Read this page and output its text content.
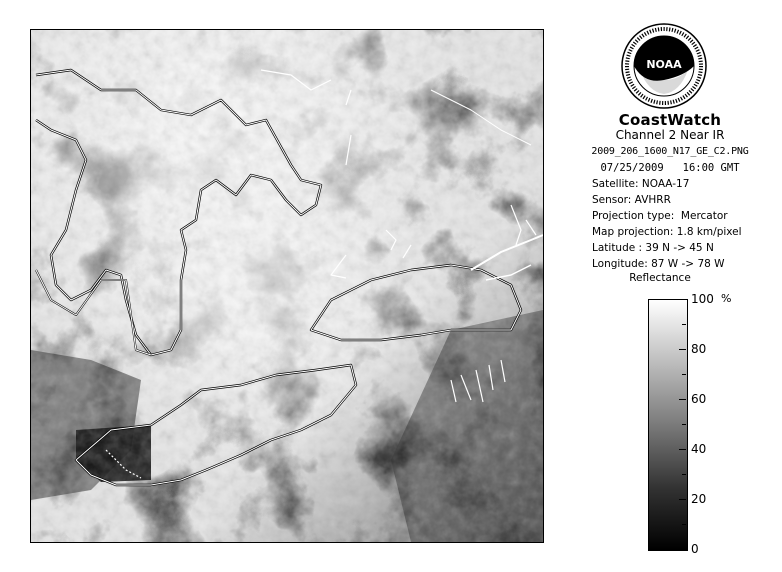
NOAA
CoastWatch
Channel 2 Near IR
2009_206_1600_N17_GE_C2.PNG
07/25/2009   16:00 GMT
Satellite: NOAA-17
Sensor: AVHRR
Projection type:  Mercator
Map projection: 1.8 km/pixel
Latitude : 39 N -> 45 N
Longitude: 87 W -> 78 W
Reflectance
%
100
80
60
40
20
0
